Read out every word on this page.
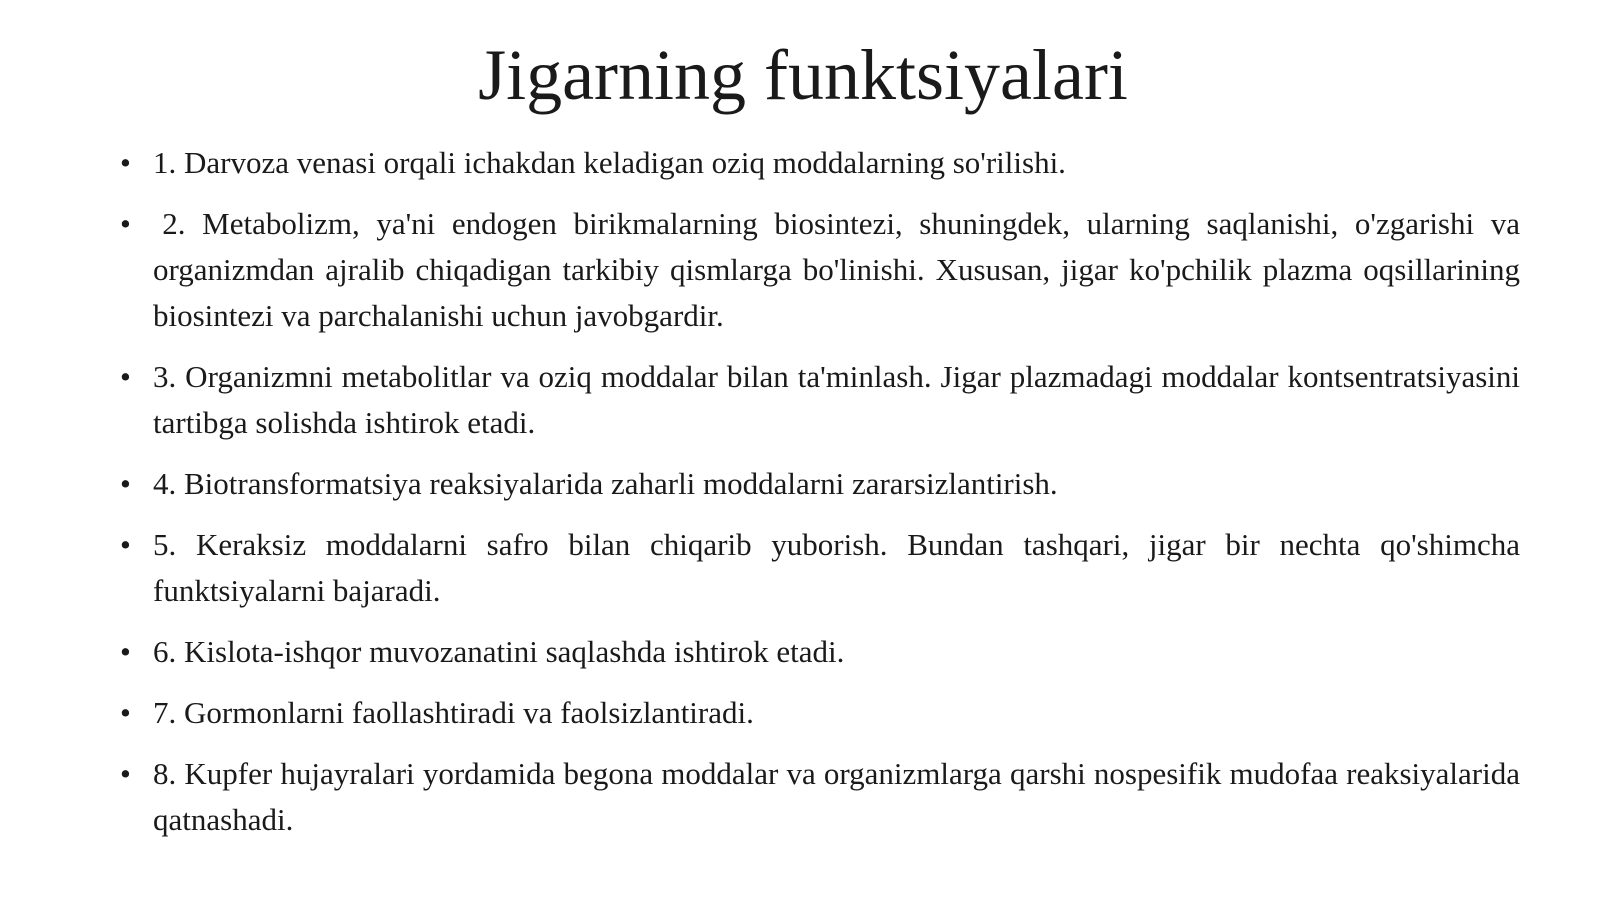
Jigarning funktsiyalari
• 1. Darvoza venasi orqali ichakdan keladigan oziq moddalarning so'rilishi.
• 2. Metabolizm, ya'ni endogen birikmalarning biosintezi, shuningdek, ularning saqlanishi, o'zgarishi va organizmdan ajralib chiqadigan tarkibiy qismlarga bo'linishi. Xususan, jigar ko'pchilik plazma oqsillarining biosintezi va parchalanishi uchun javobgardir.
• 3. Organizmni metabolitlar va oziq moddalar bilan ta'minlash. Jigar plazmadagi moddalar kontsentratsiyasini tartibga solishda ishtirok etadi.
• 4. Biotransformatsiya reaksiyalarida zaharli moddalarni zararsizlantirish.
• 5. Keraksiz moddalarni safro bilan chiqarib yuborish. Bundan tashqari, jigar bir nechta qo'shimcha funktsiyalarni bajaradi.
• 6. Kislota-ishqor muvozanatini saqlashda ishtirok etadi.
• 7. Gormonlarni faollashtiradi va faolsizlantiradi.
• 8. Kupfer hujayralari yordamida begona moddalar va organizmlarga qarshi nospesifik mudofaa reaksiyalarida qatnashadi.
